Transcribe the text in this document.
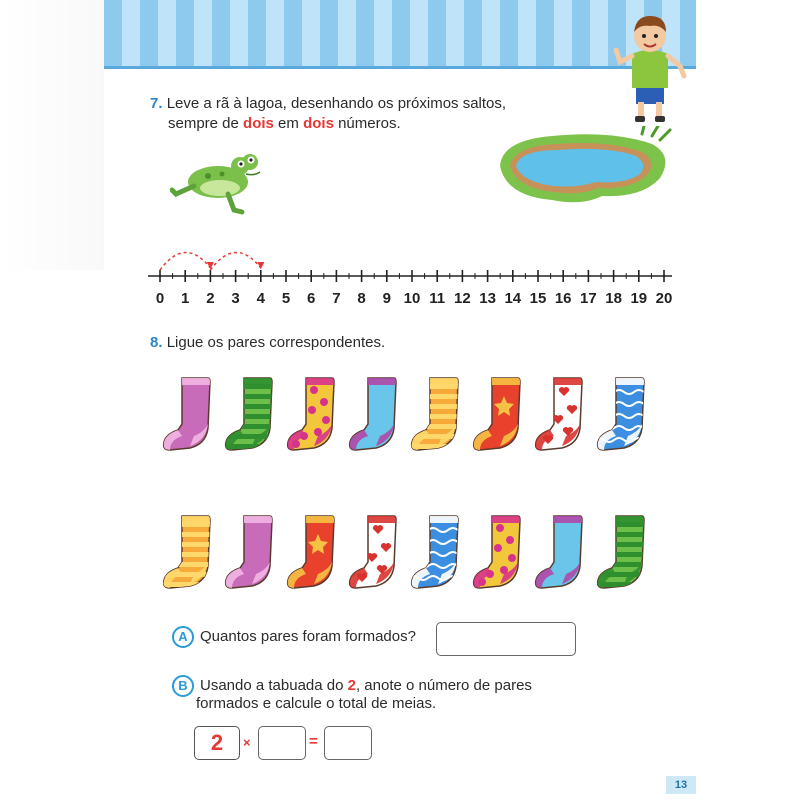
7. Leve a rã à lagoa, desenhando os próximos saltos,
sempre de dois em dois números.
0	1	2	3	4	5	6	7	8	9 10 11 12 13 14 15 16 17 18 19 20
8. Ligue os pares correspondentes.
A Quantos pares foram formados?
B Usando a tabuada do 2, anote o número de pares
formados e calcule o total de meias.
2	×	=
13
